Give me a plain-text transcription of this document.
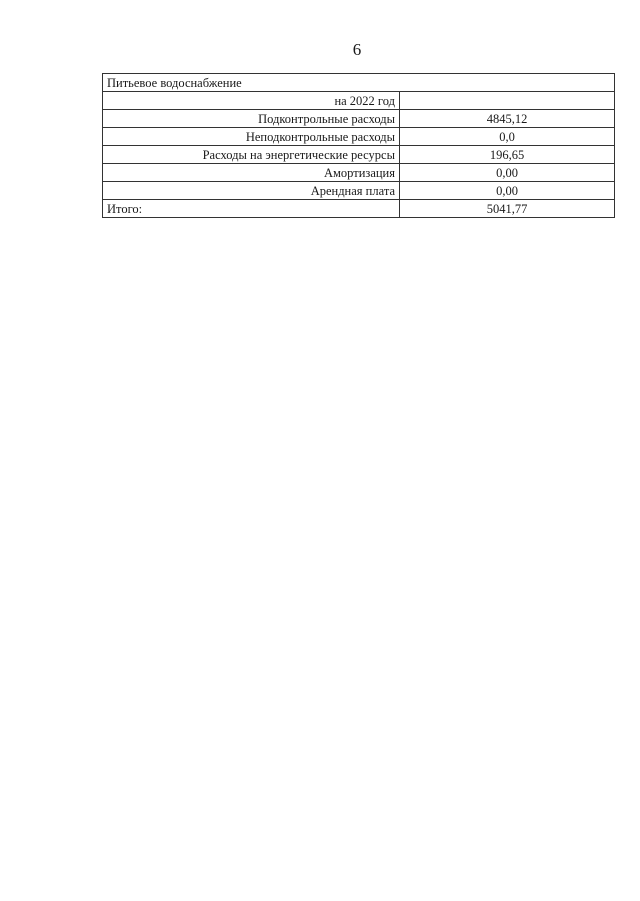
6
Питьевое водоснабжение	
на 2022 год	
Подконтрольные расходы	4845,12
Неподконтрольные расходы	0,0
Расходы на энергетические ресурсы	196,65
Амортизация	0,00
Арендная плата	0,00
Итого:	5041,77
